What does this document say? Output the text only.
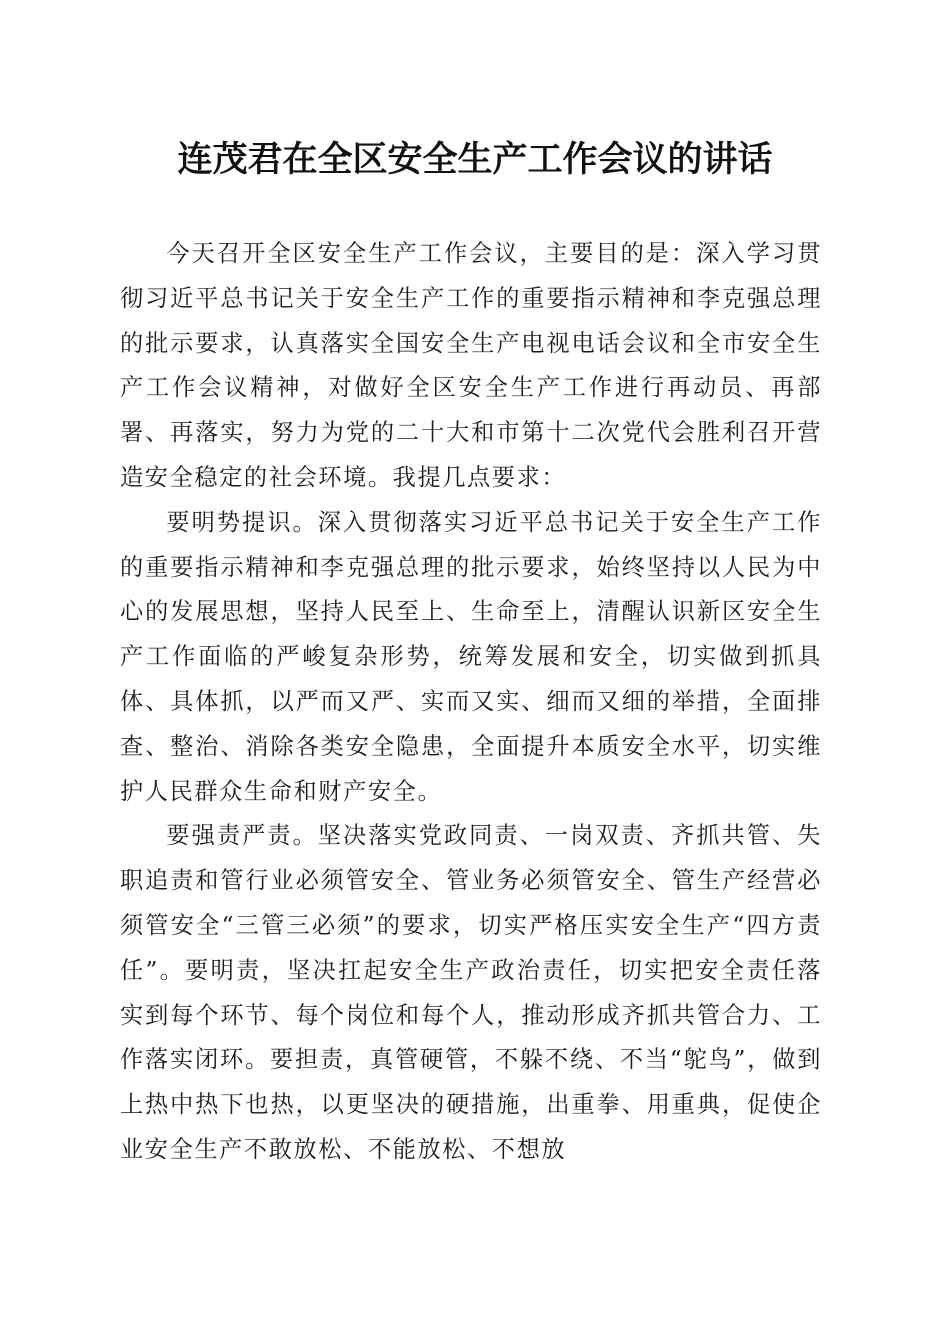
连茂君在全区安全生产工作会议的讲话

今天召开全区安全生产工作会议，主要目的是：深入学习贯彻习近平总书记关于安全生产工作的重要指示精神和李克强总理的批示要求，认真落实全国安全生产电视电话会议和全市安全生产工作会议精神，对做好全区安全生产工作进行再动员、再部署、再落实，努力为党的二十大和市第十二次党代会胜利召开营造安全稳定的社会环境。我提几点要求：

要明势提识。深入贯彻落实习近平总书记关于安全生产工作的重要指示精神和李克强总理的批示要求，始终坚持以人民为中心的发展思想，坚持人民至上、生命至上，清醒认识新区安全生产工作面临的严峻复杂形势，统筹发展和安全，切实做到抓具体、具体抓，以严而又严、实而又实、细而又细的举措，全面排查、整治、消除各类安全隐患，全面提升本质安全水平，切实维护人民群众生命和财产安全。

要强责严责。坚决落实党政同责、一岗双责、齐抓共管、失职追责和管行业必须管安全、管业务必须管安全、管生产经营必须管安全“三管三必须”的要求，切实严格压实安全生产“四方责任”。要明责，坚决扛起安全生产政治责任，切实把安全责任落实到每个环节、每个岗位和每个人，推动形成齐抓共管合力、工作落实闭环。要担责，真管硬管，不躲不绕、不当“鸵鸟”，做到上热中热下也热，以更坚决的硬措施，出重拳、用重典，促使企业安全生产不敢放松、不能放松、不想放
